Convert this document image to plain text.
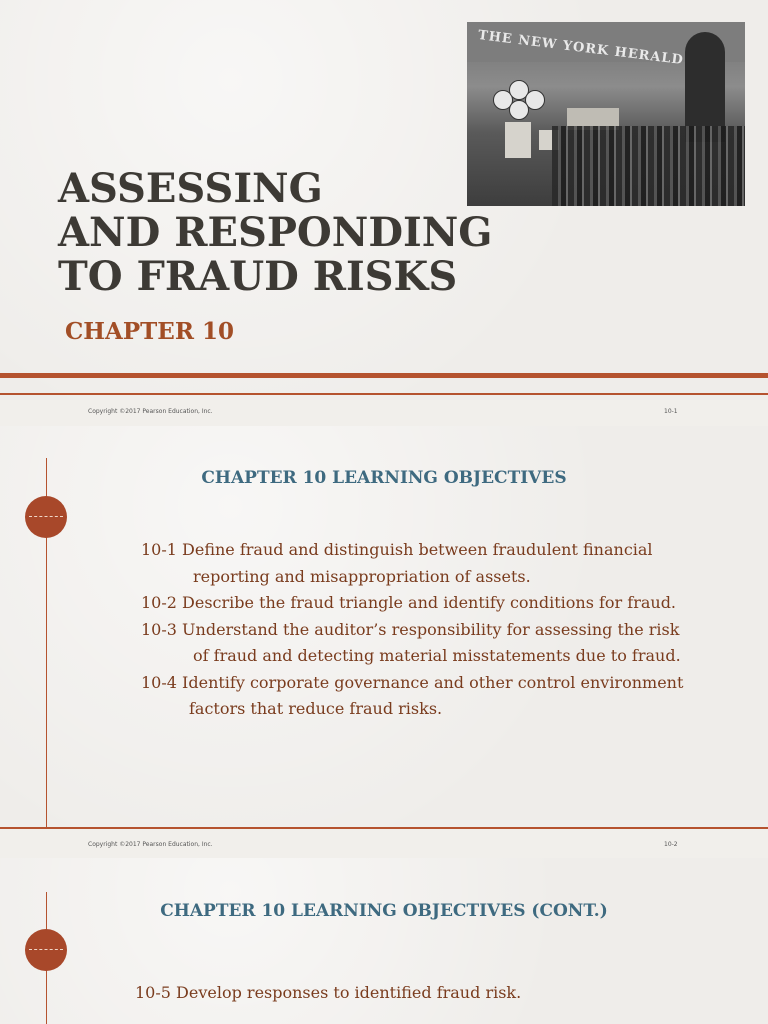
THE NEW YORK HERALD
ASSESSING
AND RESPONDING
TO FRAUD RISKS
CHAPTER 10
Copyright ©2017 Pearson Education, Inc.	10-1
CHAPTER 10 LEARNING OBJECTIVES
10-1 Define fraud and distinguish between fraudulent financial
reporting and misappropriation of assets.
10-2 Describe the fraud triangle and identify conditions for fraud.
10-3 Understand the auditor’s responsibility for assessing the risk
of fraud and detecting material misstatements due to fraud.
10-4 Identify corporate governance and other control environment
factors that reduce fraud risks.
Copyright ©2017 Pearson Education, Inc.	10-2
CHAPTER 10 LEARNING OBJECTIVES (CONT.)
10-5 Develop responses to identified fraud risk.
